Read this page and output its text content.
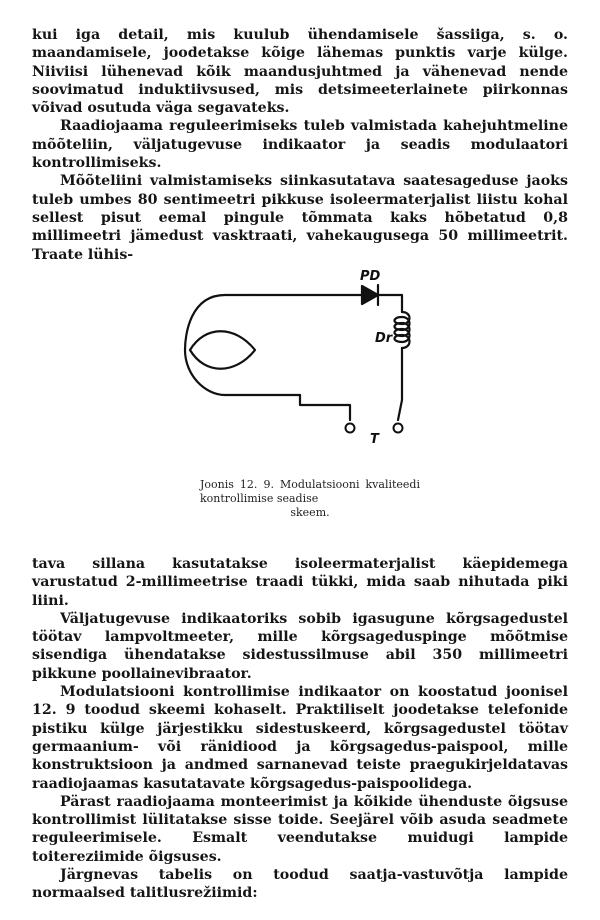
kui iga detail, mis kuulub ühendamisele šassiiga, s. o. maandamisele, joodetakse kõige lähemas punktis varje külge. Niiviisi lühenevad kõik maandusjuhtmed ja vähenevad nende soovimatud induktiivsused, mis detsimeeterlainete piirkonnas võivad osutuda väga segavateks.

Raadiojaama reguleerimiseks tuleb valmistada kahejuhtmeline mõõteliin, väljatugevuse indikaator ja seadis modulaatori kontrollimiseks.

Mõõteliini valmistamiseks siinkasutatava saatesageduse jaoks tuleb umbes 80 sentimeetri pikkuse isoleermaterjalist liistu kohal sellest pisut eemal pingule tõmmata kaks hõbetatud 0,8 millimeetri jämedust vasktraati, vahekaugusega 50 millimeetrit. Traate lühis-

PD
Dr
T
Joonis 12. 9. Modulatsiooni kvaliteedi kontrollimise seadise
skeem.

tava sillana kasutatakse isoleermaterjalist käepidemega varustatud 2-millimeetrise traadi tükki, mida saab nihutada piki liini.

Väljatugevuse indikaatoriks sobib igasugune kõrgsagedustel töötav lampvoltmeeter, mille kõrgsageduspinge mõõtmise sisendiga ühendatakse sidestussilmuse abil 350 millimeetri pikkune poollainevibraator.

Modulatsiooni kontrollimise indikaator on koostatud joonisel 12. 9 toodud skeemi kohaselt. Praktiliselt joodetakse telefonide pistiku külge järjestikku sidestuskeerd, kõrgsagedustel töötav germaanium- või ränidiood ja kõrgsagedus-paispool, mille konstruktsioon ja andmed sarnanevad teiste praegukirjeldatavas raadiojaamas kasutatavate kõrgsagedus-paispoolidega.

Pärast raadiojaama monteerimist ja kõikide ühenduste õigsuse kontrollimist lülitatakse sisse toide. Seejärel võib asuda seadmete reguleerimisele. Esmalt veendutakse muidugi lampide toitereziimide õigsuses.

Järgnevas tabelis on toodud saatja-vastuvõtja lampide normaalsed talitlusrežiimid:
